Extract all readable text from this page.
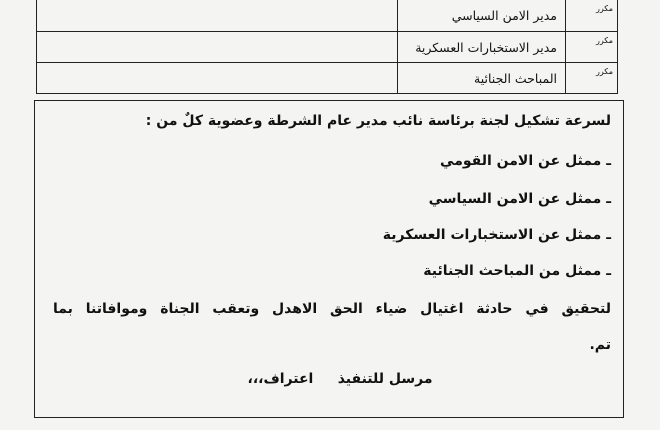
مكرر
مدير الامن السياسي
مكرر
مدير الاستخبارات العسكرية
مكرر
المباحث الجنائية
لسرعة تشكيل لجنة برئاسة نائب مدير عام الشرطة وعضوية كلٌ من :
ـ ممثل عن الامن القومي
ـ ممثل عن الامن السياسي
ـ ممثل عن الاستخبارات العسكرية
ـ ممثل من المباحث الجنائية
لتحقيق في حادثة اغتيال ضياء الحق الاهدل وتعقب الجناة وموافاتنا بما
تم.
مرسل للتنفيذ     اعتراف،،،
